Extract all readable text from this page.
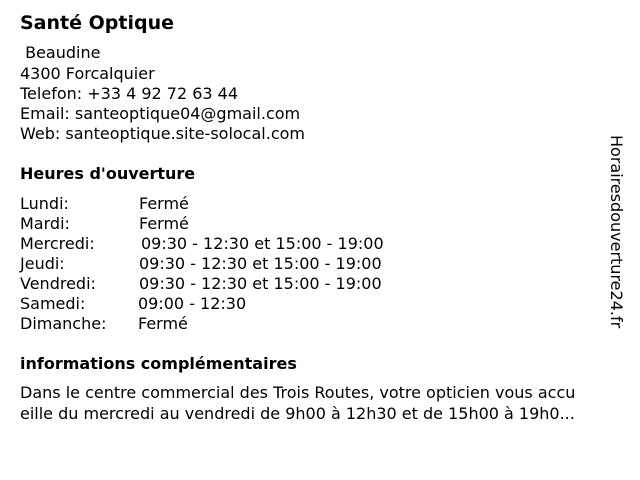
Santé Optique
Beaudine
4300 Forcalquier
Telefon: +33 4 92 72 63 44
Email: santeoptique04@gmail.com
Web: santeoptique.site-solocal.com
Heures d'ouverture
Lundi:	Fermé
Mardi:	Fermé
Mercredi:	09:30 - 12:30 et 15:00 - 19:00
Jeudi:	09:30 - 12:30 et 15:00 - 19:00
Vendredi:	09:30 - 12:30 et 15:00 - 19:00
Samedi:	09:00 - 12:30
Dimanche: Fermé
informations complémentaires
Dans le centre commercial des Trois Routes, votre opticien vous accu
eille du mercredi au vendredi de 9h00 à 12h30 et de 15h00 à 19h0...
Horairesdouverture24.fr
